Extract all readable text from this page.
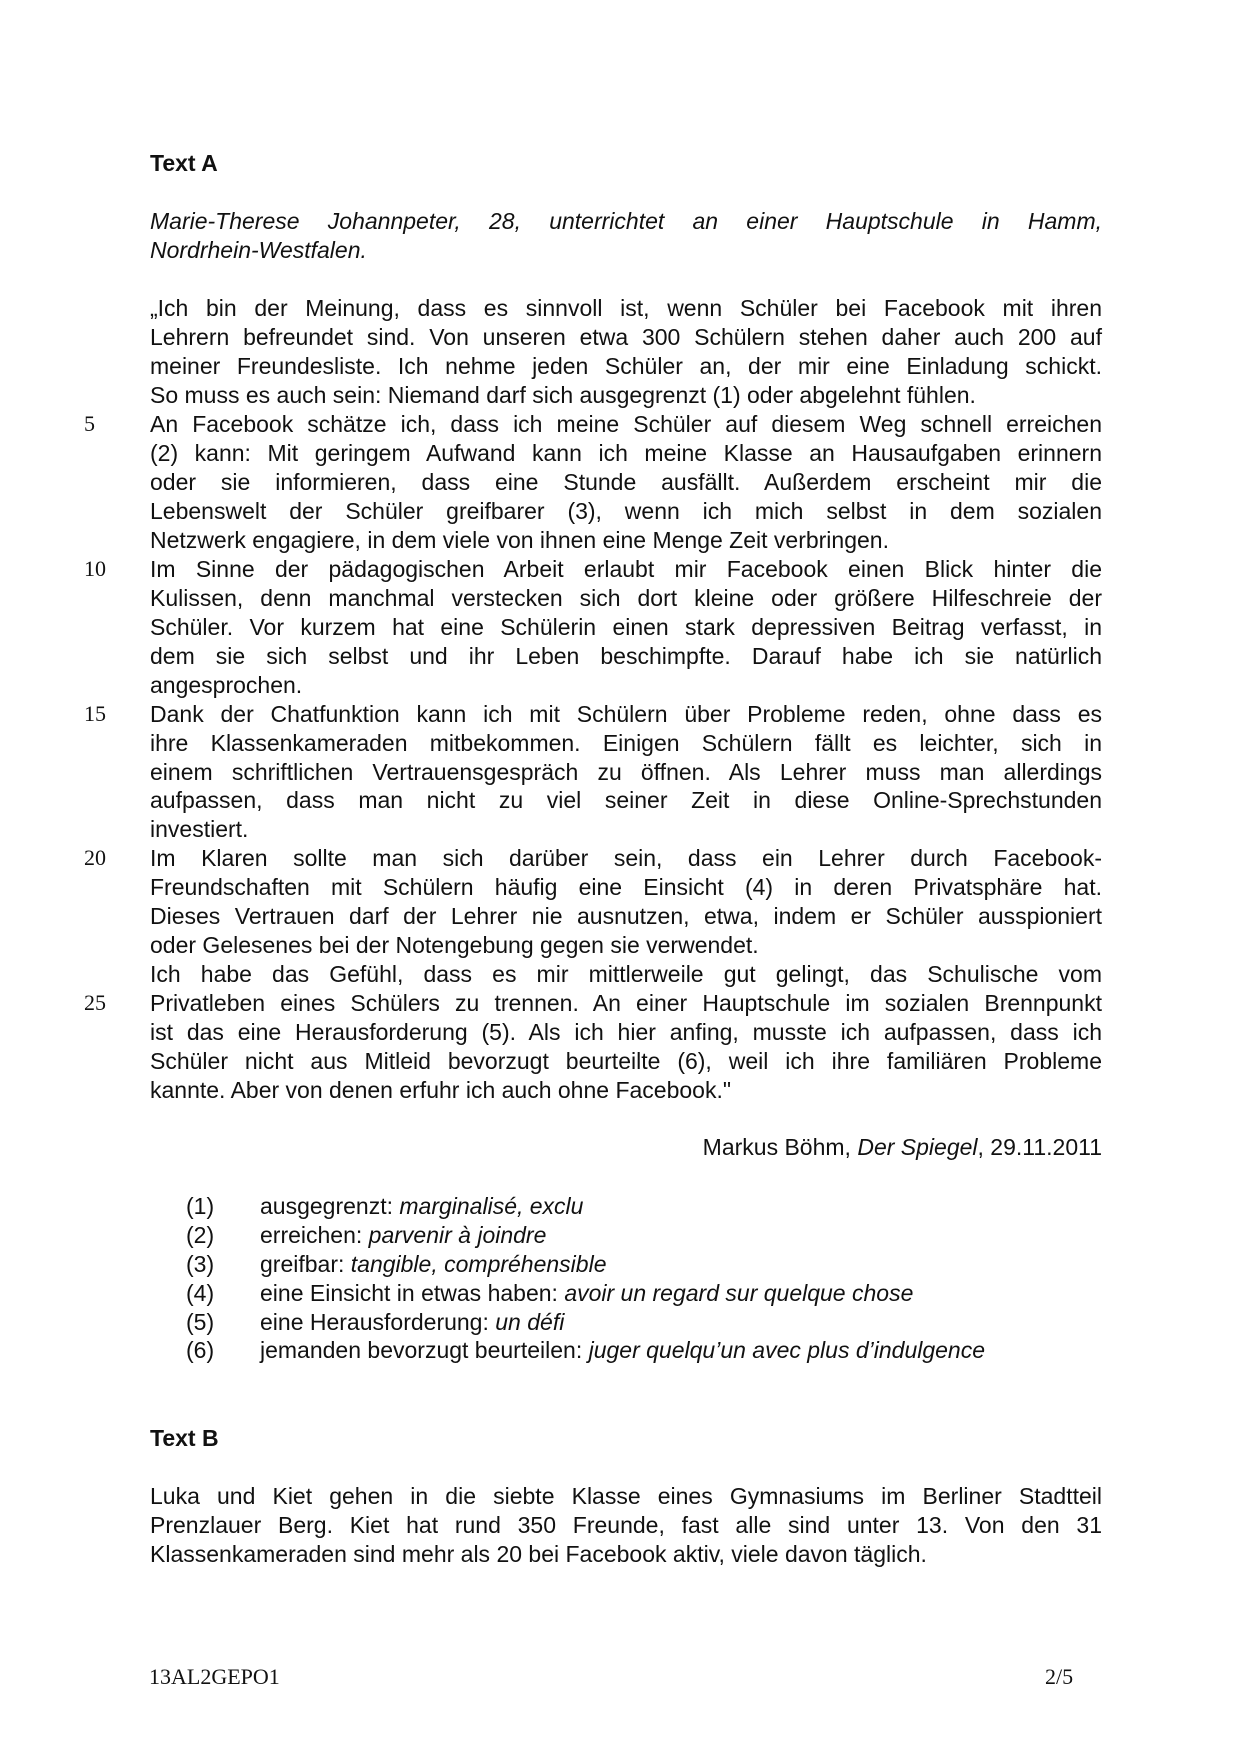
Text A
Marie-Therese Johannpeter, 28, unterrichtet an einer Hauptschule in Hamm,
Nordrhein-Westfalen.
„Ich bin der Meinung, dass es sinnvoll ist, wenn Schüler bei Facebook mit ihren
Lehrern befreundet sind. Von unseren etwa 300 Schülern stehen daher auch 200 auf
meiner Freundesliste. Ich nehme jeden Schüler an, der mir eine Einladung schickt.
So muss es auch sein: Niemand darf sich ausgegrenzt (1) oder abgelehnt fühlen.
An Facebook schätze ich, dass ich meine Schüler auf diesem Weg schnell erreichen
5
(2) kann: Mit geringem Aufwand kann ich meine Klasse an Hausaufgaben erinnern
oder sie informieren, dass eine Stunde ausfällt. Außerdem erscheint mir die
Lebenswelt der Schüler greifbarer (3), wenn ich mich selbst in dem sozialen
Netzwerk engagiere, in dem viele von ihnen eine Menge Zeit verbringen.
Im Sinne der pädagogischen Arbeit erlaubt mir Facebook einen Blick hinter die
10
Kulissen, denn manchmal verstecken sich dort kleine oder größere Hilfeschreie der
Schüler. Vor kurzem hat eine Schülerin einen stark depressiven Beitrag verfasst, in
dem sie sich selbst und ihr Leben beschimpfte. Darauf habe ich sie natürlich
angesprochen.
Dank der Chatfunktion kann ich mit Schülern über Probleme reden, ohne dass es
15
ihre Klassenkameraden mitbekommen. Einigen Schülern fällt es leichter, sich in
einem schriftlichen Vertrauensgespräch zu öffnen. Als Lehrer muss man allerdings
aufpassen, dass man nicht zu viel seiner Zeit in diese Online-Sprechstunden
investiert.
Im Klaren sollte man sich darüber sein, dass ein Lehrer durch Facebook-
20
Freundschaften mit Schülern häufig eine Einsicht (4) in deren Privatsphäre hat.
Dieses Vertrauen darf der Lehrer nie ausnutzen, etwa, indem er Schüler ausspioniert
oder Gelesenes bei der Notengebung gegen sie verwendet.
Ich habe das Gefühl, dass es mir mittlerweile gut gelingt, das Schulische vom
Privatleben eines Schülers zu trennen. An einer Hauptschule im sozialen Brennpunkt
25
ist das eine Herausforderung (5). Als ich hier anfing, musste ich aufpassen, dass ich
Schüler nicht aus Mitleid bevorzugt beurteilte (6), weil ich ihre familiären Probleme
kannte. Aber von denen erfuhr ich auch ohne Facebook."
Markus Böhm, Der Spiegel, 29.11.2011
(1) ausgegrenzt: marginalisé, exclu
(2) erreichen: parvenir à joindre
(3) greifbar: tangible, compréhensible
(4) eine Einsicht in etwas haben: avoir un regard sur quelque chose
(5) eine Herausforderung: un défi
(6) jemanden bevorzugt beurteilen: juger quelqu’un avec plus d’indulgence
Text B
Luka und Kiet gehen in die siebte Klasse eines Gymnasiums im Berliner Stadtteil
Prenzlauer Berg. Kiet hat rund 350 Freunde, fast alle sind unter 13. Von den 31
Klassenkameraden sind mehr als 20 bei Facebook aktiv, viele davon täglich.
13AL2GEPO1	2/5
